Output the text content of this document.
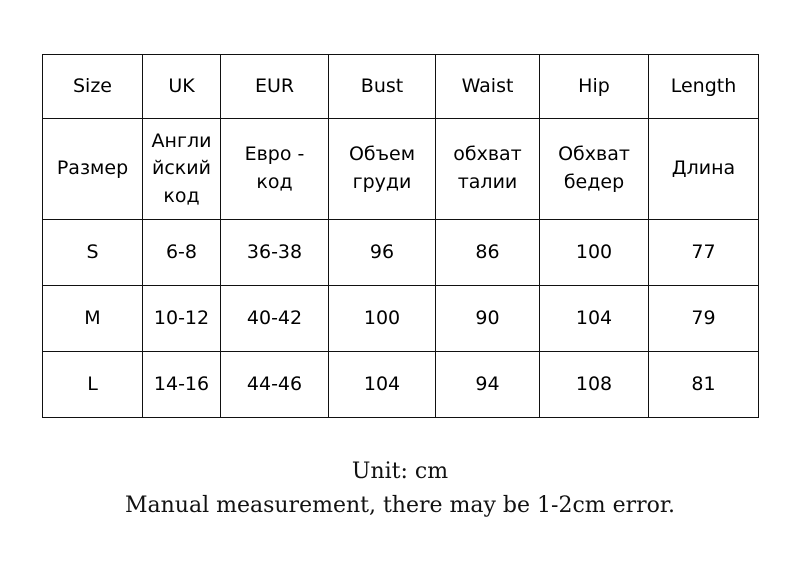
Size	UK	EUR	Bust	Waist	Hip	Length
Размер	Английский код	Евро - код	Объем груди	обхват талии	Обхват бедер	Длина
S	6-8	36-38	96	86	100	77
M	10-12	40-42	100	90	104	79
L	14-16	44-46	104	94	108	81
Unit: cm
Manual measurement, there may be 1-2cm error.
